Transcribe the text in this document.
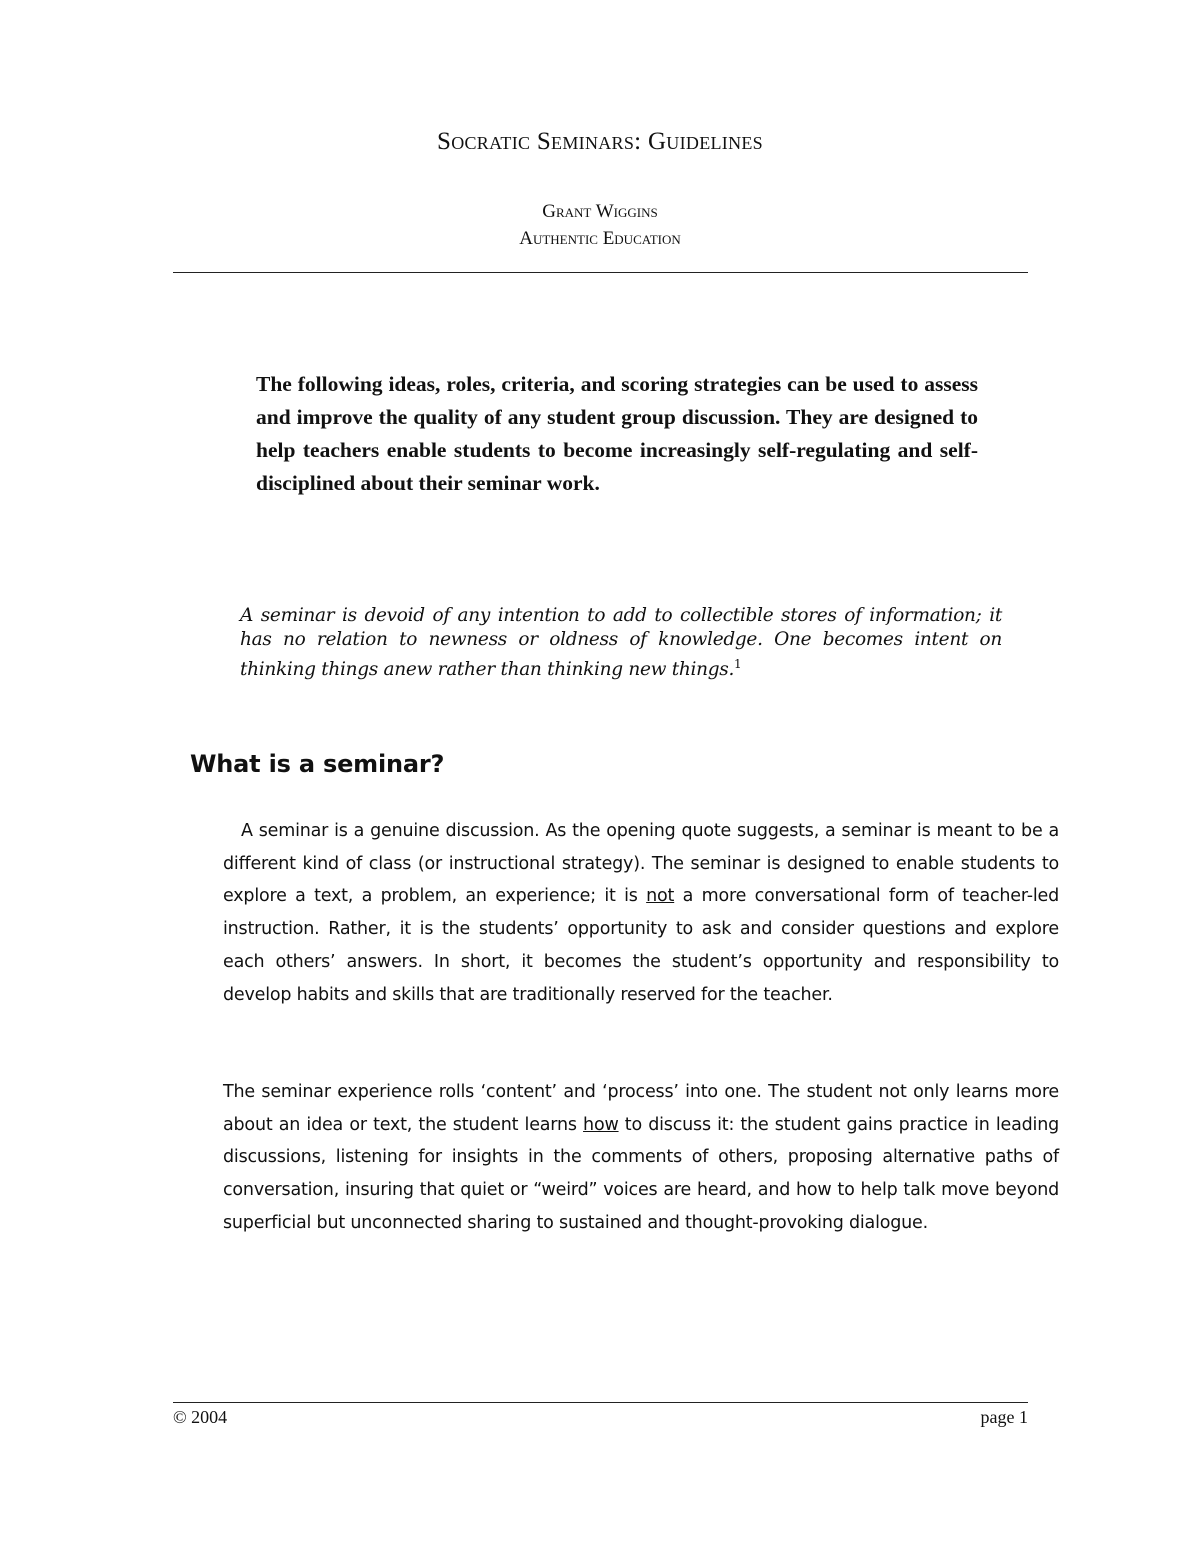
Socratic Seminars: Guidelines
Grant Wiggins
Authentic Education
The following ideas, roles, criteria, and scoring strategies can be used to assess and improve the quality of any student group discussion. They are designed to help teachers enable students to become increasingly self-regulating and self-disciplined about their seminar work.
A seminar is devoid of any intention to add to collectible stores of information; it has no relation to newness or oldness of knowledge. One becomes intent on thinking things anew rather than thinking new things.$^1$
What is a seminar?
A seminar is a genuine discussion. As the opening quote suggests, a seminar is meant to be a different kind of class (or instructional strategy). The seminar is designed to enable students to explore a text, a problem, an experience; it is not a more conversational form of teacher-led instruction. Rather, it is the students’ opportunity to ask and consider questions and explore each others’ answers. In short, it becomes the student’s opportunity and responsibility to develop habits and skills that are traditionally reserved for the teacher.
The seminar experience rolls ‘content’ and ‘process’ into one. The student not only learns more about an idea or text, the student learns how to discuss it: the student gains practice in leading discussions, listening for insights in the comments of others, proposing alternative paths of conversation, insuring that quiet or “weird” voices are heard, and how to help talk move beyond superficial but unconnected sharing to sustained and thought-provoking dialogue.
© 2004	page 1
